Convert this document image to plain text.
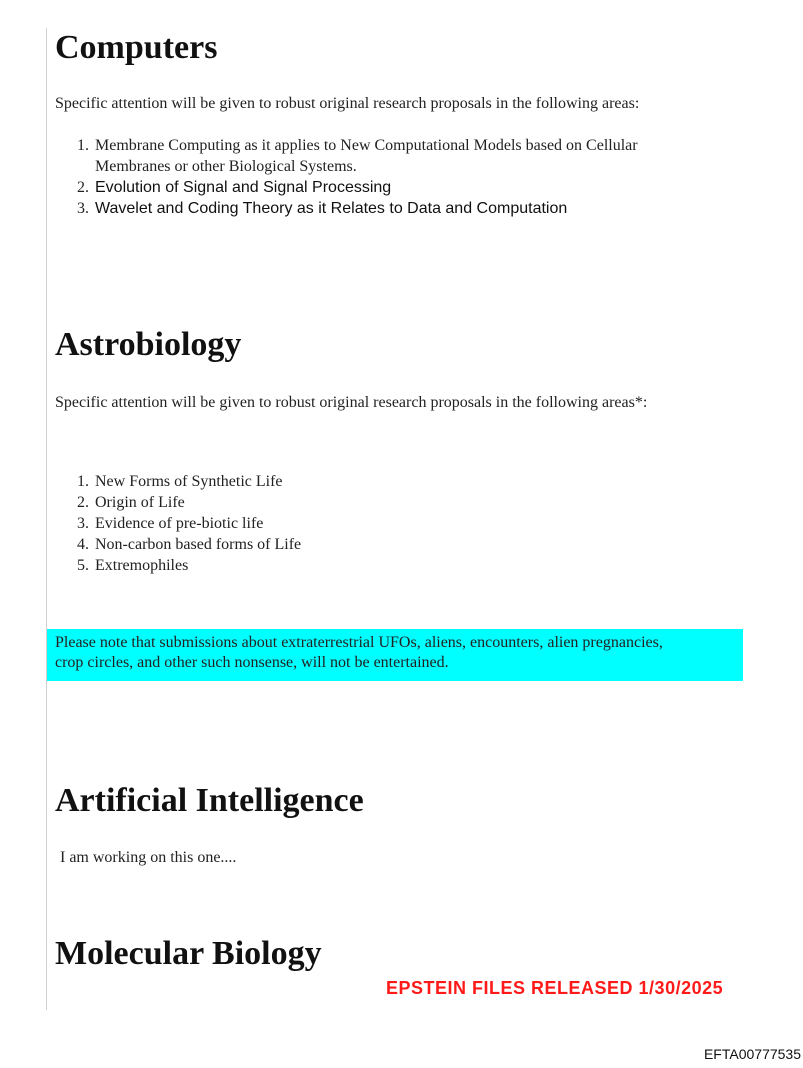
Computers

Specific attention will be given to robust original research proposals in the following areas:

1. Membrane Computing as it applies to New Computational Models based on Cellular
Membranes or other Biological Systems.
2. Evolution of Signal and Signal Processing
3. Wavelet and Coding Theory as it Relates to Data and Computation
Astrobiology

Specific attention will be given to robust original research proposals in the following areas*:

1. New Forms of Synthetic Life
2. Origin of Life
3. Evidence of pre-biotic life
4. Non-carbon based forms of Life
5. Extremophiles
Please note that submissions about extraterrestrial UFOs, aliens, encounters, alien pregnancies,
crop circles, and other such nonsense, will not be entertained.
Artificial Intelligence

I am working on this one....

Molecular Biology
EPSTEIN FILES RELEASED 1/30/2025
EFTA00777535
